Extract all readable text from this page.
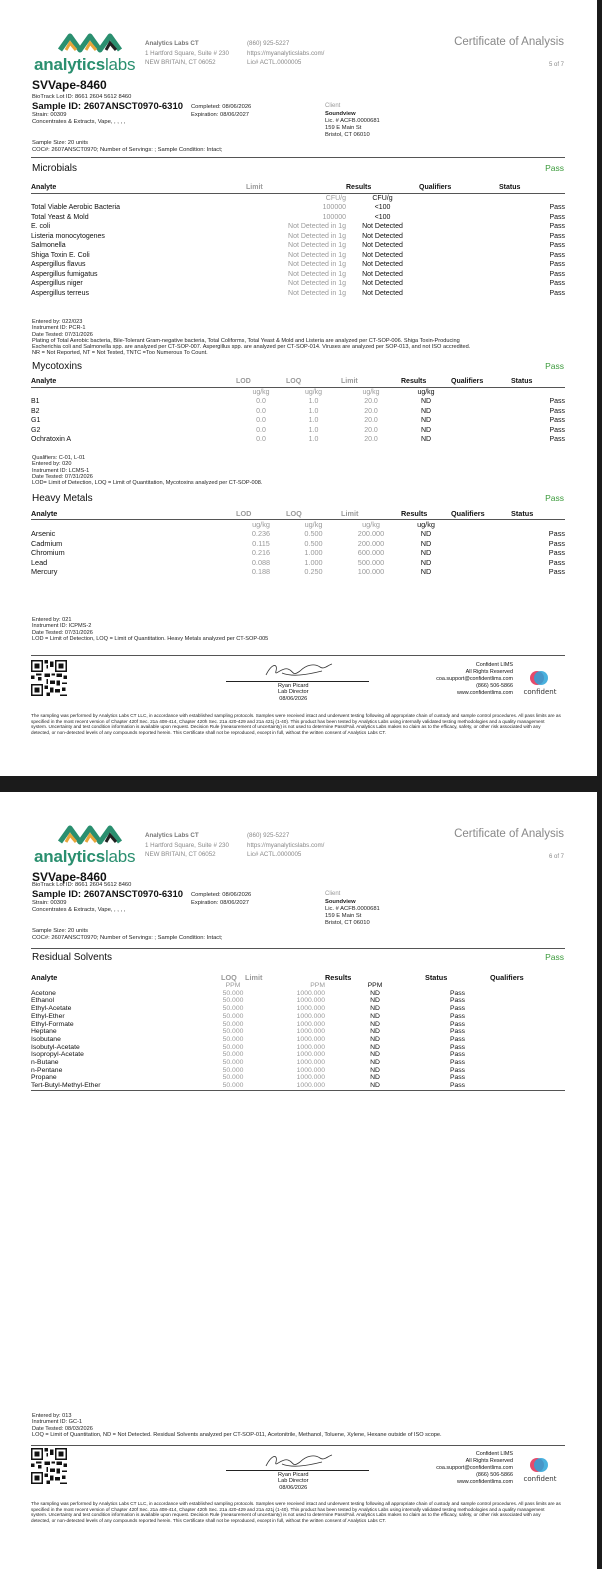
analyticslabs
Analytics Labs CT
1 Hartford Square, Suite # 230
NEW BRITAIN, CT 06052
(860) 925-5227
https://myanalyticslabs.com/
Lic# ACTL.0000005
Certificate of Analysis
5 of 7
SVVape-8460
BioTrack Lot ID: 8661 2604 5612 8460
Sample ID: 2607ANSCT0970-6310 Completed: 08/06/2026
Expiration: 08/06/2027
Strain: 00309
Concentrates & Extracts, Vape, , , , ,
Client
Soundview
Lic. # ACFB.0000681
159 E Main St
Bristol, CT 06010
Sample Size: 20 units
COC#: 2607ANSCT0970; Number of Servings: ; Sample Condition: Intact;
Microbials	Pass
Analyte	Limit	Results	Qualifiers	Status
	CFU/g	CFU/g		
Total Viable Aerobic Bacteria	100000	<100		Pass
Total Yeast & Mold	100000	<100		Pass
E. coli	Not Detected in 1g	Not Detected		Pass
Listeria monocytogenes	Not Detected in 1g	Not Detected		Pass
Salmonella	Not Detected in 1g	Not Detected		Pass
Shiga Toxin E. Coli	Not Detected in 1g	Not Detected		Pass
Aspergillus flavus	Not Detected in 1g	Not Detected		Pass
Aspergillus fumigatus	Not Detected in 1g	Not Detected		Pass
Aspergillus niger	Not Detected in 1g	Not Detected		Pass
Aspergillus terreus	Not Detected in 1g	Not Detected		Pass
Entered by: 022/023
Instrument ID: PCR-1
Date Tested: 07/31/2026
Plating of Total Aerobic bacteria, Bile-Tolerant Gram-negative bacteria, Total Coliforms, Total Yeast & Mold and Listeria are analyzed per CT-SOP-006. Shiga Toxin-Producing
Escherichia coli and Salmonella spp. are analyzed per CT-SOP-007. Aspergillus spp. are analyzed per CT-SOP-014. Viruses are analyzed per SOP-013, and not ISO accredited.
NR = Not Reported, NT = Not Tested, TNTC =Too Numerous To Count.
Mycotoxins	Pass
Analyte	LOD	LOQ	Limit	Results	Qualifiers	Status
	ug/kg	ug/kg	ug/kg	ug/kg		
B1	0.0	1.0	20.0	ND		Pass
B2	0.0	1.0	20.0	ND		Pass
G1	0.0	1.0	20.0	ND		Pass
G2	0.0	1.0	20.0	ND		Pass
Ochratoxin A	0.0	1.0	20.0	ND		Pass
Qualifiers: C-01, L-01
Entered by: 020
Instrument ID: LCMS-1
Date Tested: 07/31/2026
LOD= Limit of Detection, LOQ = Limit of Quantitation, Mycotoxins analyzed per CT-SOP-008.
Heavy Metals	Pass
Analyte	LOD	LOQ	Limit	Results	Qualifiers	Status
	ug/kg	ug/kg	ug/kg	ug/kg		
Arsenic	0.236	0.500	200.000	ND		Pass
Cadmium	0.115	0.500	200.000	ND		Pass
Chromium	0.216	1.000	600.000	ND		Pass
Lead	0.088	1.000	500.000	ND		Pass
Mercury	0.188	0.250	100.000	ND		Pass
Entered by: 021
Instrument ID: ICPMS-2
Date Tested: 07/31/2026
LOD = Limit of Detection, LOQ = Limit of Quantitation. Heavy Metals analyzed per CT-SOP-005
Ryan Picard
Lab Director
08/06/2026
Confident LIMS
All Rights Reserved
coa.support@confidentlims.com
(866) 506-5866
www.confidentlims.com confident
The sampling was performed by Analytics Labs CT LLC, in accordance with established sampling protocols. Samples were received intact and underwent testing following all appropriate chain of custody and sample control procedures. All pass limits are as specified in the most recent version of Chapter 420f Sec. 21a 408-414, Chapter 420h Sec. 21a 420-429 and 21a 421j (1-40). This product has been tested by Analytics Labs using internally validated testing methodologies and a quality management system. Uncertainty and test condition information is available upon request. Decision Rule (measurement of uncertainty) is not used to determine Pass/Fail. Analytics Labs makes no claim as to the efficacy, safety, or other risk associated with any detected, or non-detected levels of any compounds reported herein. This Certificate shall not be reproduced, except in full, without the written consent of Analytics Labs CT.
analyticslabs
Analytics Labs CT
1 Hartford Square, Suite # 230
NEW BRITAIN, CT 06052
(860) 925-5227
https://myanalyticslabs.com/
Lic# ACTL.0000005
Certificate of Analysis
6 of 7
SVVape-8460
BioTrack Lot ID: 8661 2604 5612 8460
Sample ID: 2607ANSCT0970-6310 Completed: 08/06/2026
Expiration: 08/06/2027
Strain: 00309
Concentrates & Extracts, Vape, , , , ,
Client
Soundview
Lic. # ACFB.0000681
159 E Main St
Bristol, CT 06010
Sample Size: 20 units
COC#: 2607ANSCT0970; Number of Servings: ; Sample Condition: Intact;
Residual Solvents	Pass
Analyte	LOQ	Limit	Results	Status	Qualifiers
	PPM	PPM	PPM		
Acetone	50.000	1000.000	ND	Pass	
Ethanol	50.000	1000.000	ND	Pass	
Ethyl-Acetate	50.000	1000.000	ND	Pass	
Ethyl-Ether	50.000	1000.000	ND	Pass	
Ethyl-Formate	50.000	1000.000	ND	Pass	
Heptane	50.000	1000.000	ND	Pass	
Isobutane	50.000	1000.000	ND	Pass	
Isobutyl-Acetate	50.000	1000.000	ND	Pass	
Isopropyl-Acetate	50.000	1000.000	ND	Pass	
n-Butane	50.000	1000.000	ND	Pass	
n-Pentane	50.000	1000.000	ND	Pass	
Propane	50.000	1000.000	ND	Pass	
Tert-Butyl-Methyl-Ether	50.000	1000.000	ND	Pass	
Entered by: 013
Instrument ID: GC-1
Date Tested: 08/03/2026
LOQ = Limit of Quantitation, ND = Not Detected. Residual Solvents analyzed per CT-SOP-011, Acetonitrile, Methanol, Toluene, Xylene, Hexane outside of ISO scope.
Ryan Picard
Lab Director
08/06/2026
Confident LIMS
All Rights Reserved
coa.support@confidentlims.com
(866) 506-5866
www.confidentlims.com confident
The sampling was performed by Analytics Labs CT LLC, in accordance with established sampling protocols. Samples were received intact and underwent testing following all appropriate chain of custody and sample control procedures. All pass limits are as specified in the most recent version of Chapter 420f Sec. 21a 408-414, Chapter 420h Sec. 21a 420-429 and 21a 421j (1-40). This product has been tested by Analytics Labs using internally validated testing methodologies and a quality management system. Uncertainty and test condition information is available upon request. Decision Rule (measurement of uncertainty) is not used to determine Pass/Fail. Analytics Labs makes no claim as to the efficacy, safety, or other risk associated with any detected, or non-detected levels of any compounds reported herein. This Certificate shall not be reproduced, except in full, without the written consent of Analytics Labs CT.
